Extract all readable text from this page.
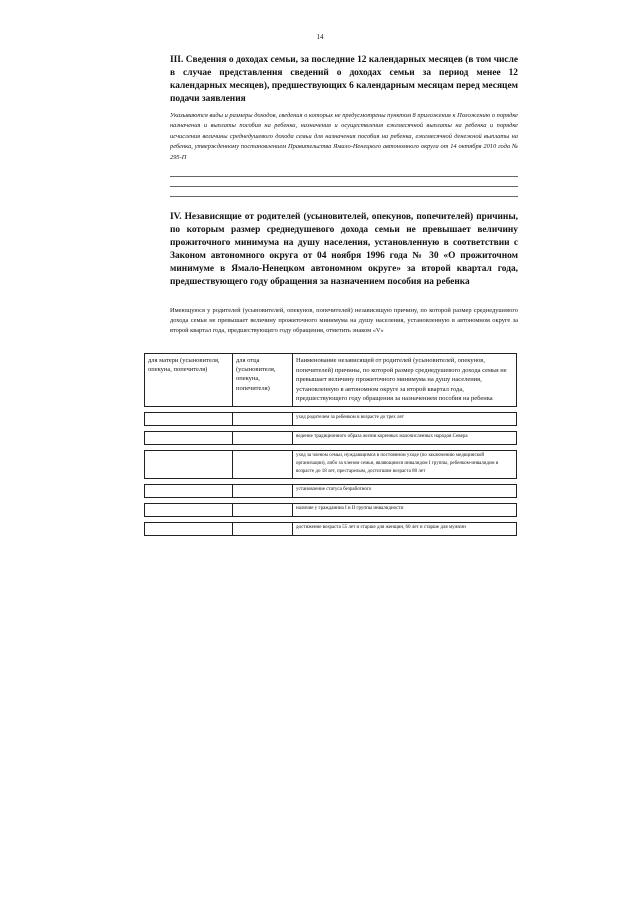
14

III. Сведения о доходах семьи, за последние 12 календарных месяцев (в том числе в случае представления сведений о доходах семьи за период менее 12 календарных месяцев), предшествующих 6 календарным месяцам перед месяцем подачи заявления

Указываются виды и размеры доходов, сведения о которых не предусмотрены пунктом 8 приложения к Положению о порядке назначения и выплаты пособия на ребенка, назначения и осуществления ежемесячной выплаты на ребенка и порядке исчисления величины среднедушевого дохода семьи для назначения пособия на ребенка, ежемесячной денежной выплаты на ребенка, утвержденному постановлением Правительства Ямало-Ненецкого автономного округа от 14 октября 2010 года № 295-П

IV. Независящие от родителей (усыновителей, опекунов, попечителей) причины, по которым размер среднедушевого дохода семьи не превышает величину прожиточного минимума на душу населения, установленную в соответствии с Законом автономного округа от 04 ноября 1996 года № 30 «О прожиточном минимуме в Ямало-Ненецком автономном округе» за второй квартал года, предшествующего году обращения за назначением пособия на ребенка

Имеющуюся у родителей (усыновителей, опекунов, попечителей) независящую причину, по которой размер среднедушевого дохода семьи не превышает величину прожиточного минимума на душу населения, установленную в автономном округе за второй квартал года, предшествующего году обращения, отметить знаком «V»

для матери (усыновителя, опекуна, попечителя)	для отца (усыновителя, опекуна, попечителя)	Наименование независящей от родителей (усыновителей, опекунов, попечителей) причины, по которой размер среднедушевого дохода семьи не превышает величину прожиточного минимума на душу населения, установленную в автономном округе за второй квартал года, предшествующего году обращения за назначением пособия на ребенка

		уход родителем за ребенком в возрасте до трех лет

		ведение традиционного образа жизни коренных малочисленных народов Севера

		уход за членом семьи, нуждающимся в постоянном уходе (по заключению медицинской организации), либо за членом семьи, являющимся инвалидом I группы, ребенком-инвалидом в возрасте до 18 лет, престарелым, достигшим возраста 80 лет

		установление статуса безработного

		наличие у гражданина I и II группы инвалидности

		достижение возраста 55 лет и старше для женщин, 60 лет и старше для мужчин
